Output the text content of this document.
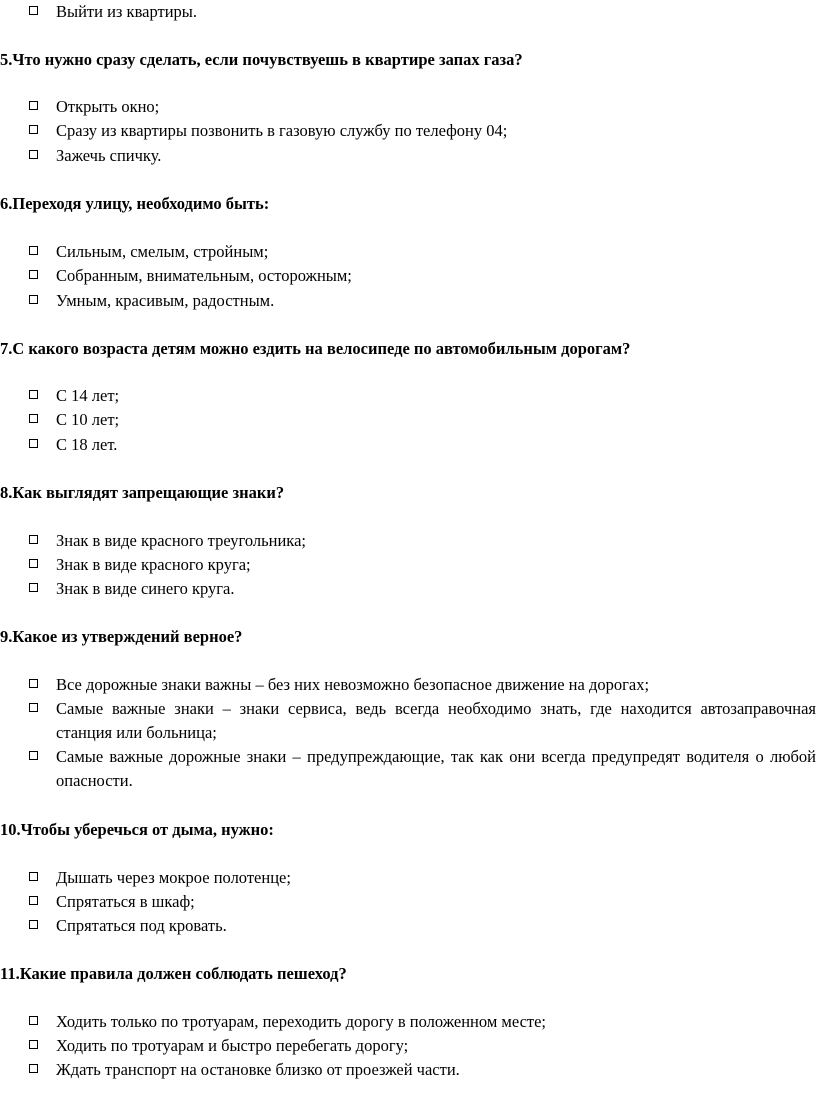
Выйти из квартиры.
5.Что нужно сразу сделать, если почувствуешь в квартире запах газа?
Открыть окно;
Сразу из квартиры позвонить в газовую службу по телефону 04;
Зажечь спичку.
6.Переходя улицу, необходимо быть:
Сильным, смелым, стройным;
Собранным, внимательным, осторожным;
Умным, красивым, радостным.
7.С какого возраста детям можно ездить на велосипеде по автомобильным дорогам?
С 14 лет;
С 10 лет;
С 18 лет.
8.Как выглядят запрещающие знаки?
Знак в виде красного треугольника;
Знак в виде красного круга;
Знак в виде синего круга.
9.Какое из утверждений верное?
Все дорожные знаки важны – без них невозможно безопасное движение на дорогах;
Самые важные знаки – знаки сервиса, ведь всегда необходимо знать, где находится автозаправочная станция или больница;
Самые важные дорожные знаки – предупреждающие, так как они всегда предупредят водителя о любой опасности.
10.Чтобы уберечься от дыма, нужно:
Дышать через мокрое полотенце;
Спрятаться в шкаф;
Спрятаться под кровать.
11.Какие правила должен соблюдать пешеход?
Ходить только по тротуарам, переходить дорогу в положенном месте;
Ходить по тротуарам и быстро перебегать дорогу;
Ждать транспорт на остановке близко от проезжей части.
